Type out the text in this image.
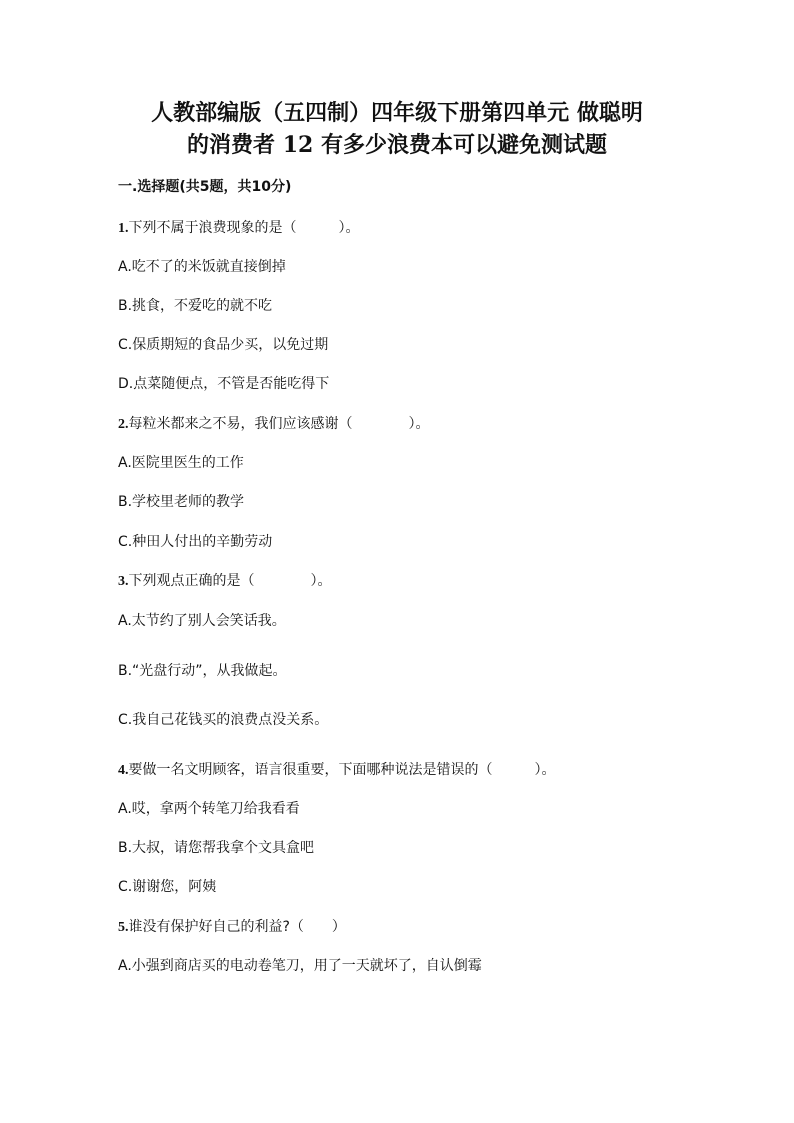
人教部编版（五四制）四年级下册第四单元 做聪明
的消费者 12 有多少浪费本可以避免测试题
一.选择题(共5题，共10分)
1.下列不属于浪费现象的是（　　　）。
A.吃不了的米饭就直接倒掉
B.挑食，不爱吃的就不吃
C.保质期短的食品少买，以免过期
D.点菜随便点，不管是否能吃得下
2.每粒米都来之不易，我们应该感谢（　　　　）。
A.医院里医生的工作
B.学校里老师的教学
C.种田人付出的辛勤劳动
3.下列观点正确的是（　　　　）。
A.太节约了别人会笑话我。
B.“光盘行动”，从我做起。
C.我自己花钱买的浪费点没关系。
4.要做一名文明顾客，语言很重要，下面哪种说法是错误的（　　　）。
A.哎，拿两个转笔刀给我看看
B.大叔，请您帮我拿个文具盒吧
C.谢谢您，阿姨
5.谁没有保护好自己的利益?（　　）
A.小强到商店买的电动卷笔刀，用了一天就坏了，自认倒霉
